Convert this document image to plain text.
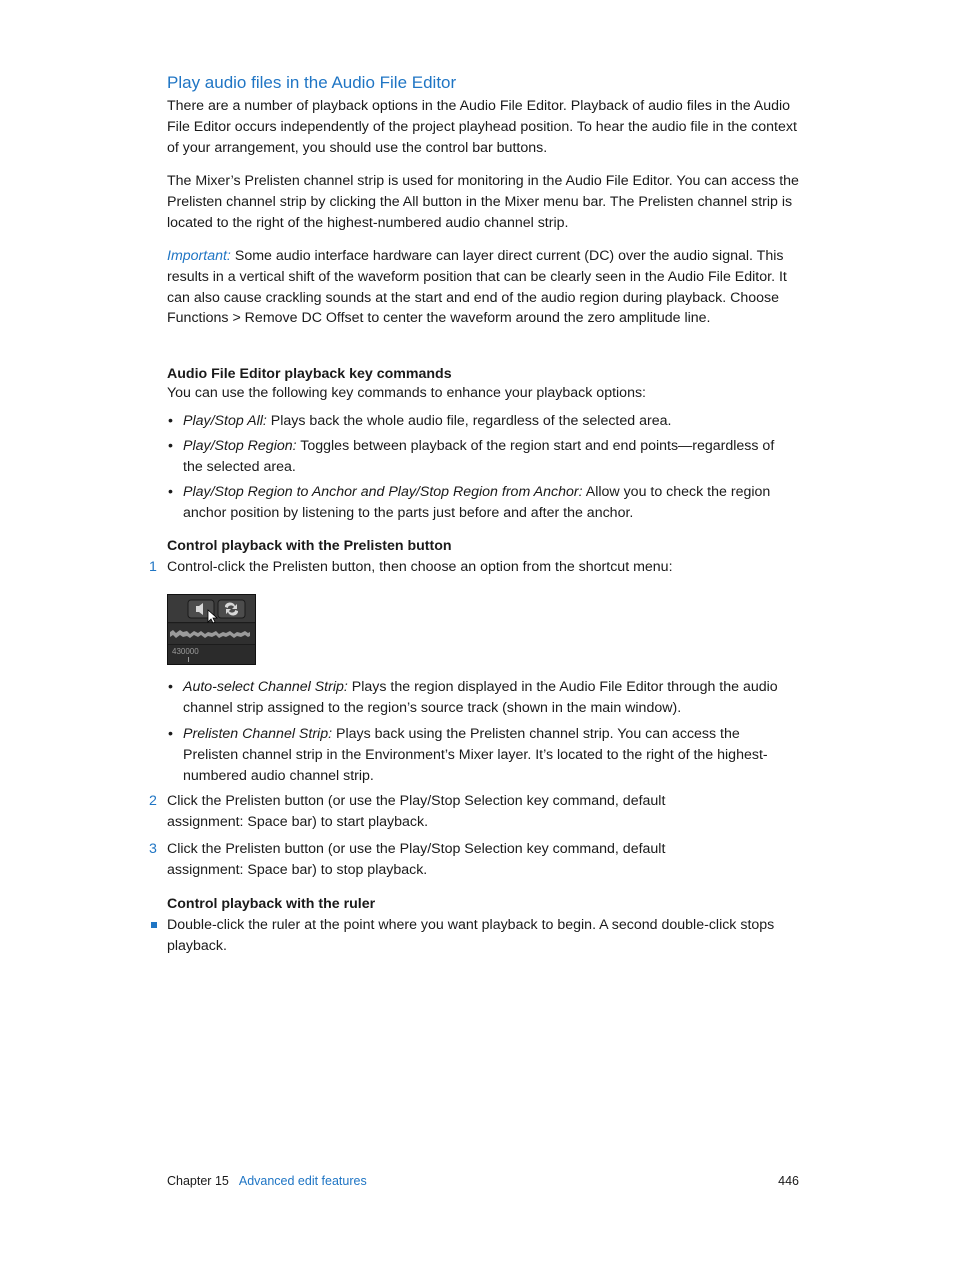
Play audio files in the Audio File Editor

There are a number of playback options in the Audio File Editor. Playback of audio files in the Audio File Editor occurs independently of the project playhead position. To hear the audio file in the context of your arrangement, you should use the control bar buttons.

The Mixer’s Prelisten channel strip is used for monitoring in the Audio File Editor. You can access the Prelisten channel strip by clicking the All button in the Mixer menu bar. The Prelisten channel strip is located to the right of the highest-numbered audio channel strip.

Important: Some audio interface hardware can layer direct current (DC) over the audio signal. This results in a vertical shift of the waveform position that can be clearly seen in the Audio File Editor. It can also cause crackling sounds at the start and end of the audio region during playback. Choose Functions > Remove DC Offset to center the waveform around the zero amplitude line.

Audio File Editor playback key commands

You can use the following key commands to enhance your playback options:

• Play/Stop All: Plays back the whole audio file, regardless of the selected area.
• Play/Stop Region: Toggles between playback of the region start and end points—regardless of the selected area.
• Play/Stop Region to Anchor and Play/Stop Region from Anchor: Allow you to check the region anchor position by listening to the parts just before and after the anchor.
Control playback with the Prelisten button
1 Control-click the Prelisten button, then choose an option from the shortcut menu:
430000
• Auto-select Channel Strip: Plays the region displayed in the Audio File Editor through the audio channel strip assigned to the region’s source track (shown in the main window).
• Prelisten Channel Strip: Plays back using the Prelisten channel strip. You can access the Prelisten channel strip in the Environment’s Mixer layer. It’s located to the right of the highest-numbered audio channel strip.
2 Click the Prelisten button (or use the Play/Stop Selection key command, default assignment: Space bar) to start playback.
3 Click the Prelisten button (or use the Play/Stop Selection key command, default assignment: Space bar) to stop playback.
Control playback with the ruler
Double-click the ruler at the point where you want playback to begin. A second double-click stops playback.
Chapter 15 Advanced edit features	446
